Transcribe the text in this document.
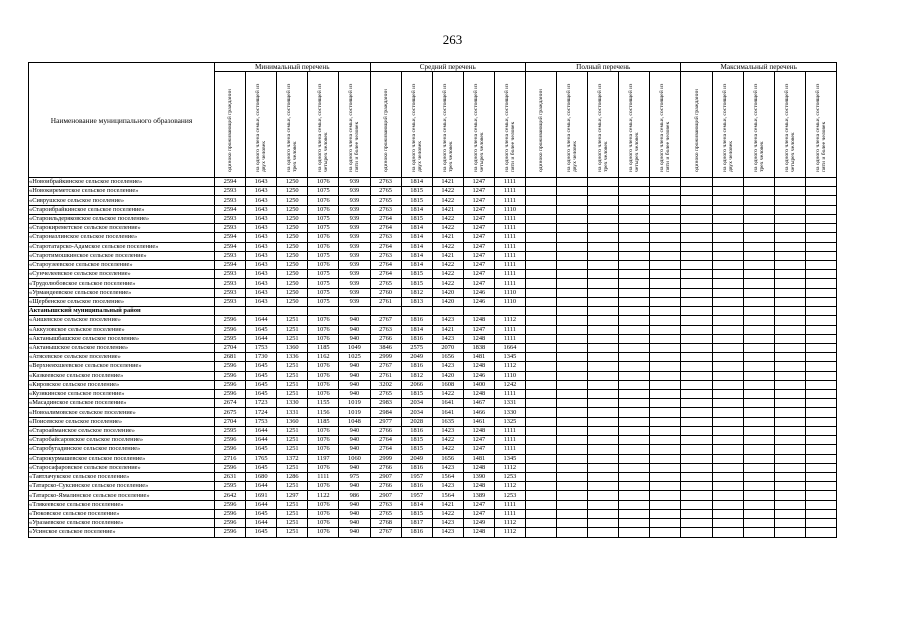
263
Наименование муниципального образования	Минимальный перечень					Средний перечень					Полный перечень					Максимальный перечень				
	одиноко проживающий гражданин	на одного члена семьи, состоящей из двух человек	на одного члена семьи, состоящей из трех человек	на одного члена семьи, состоящей из четырех человек	на одного члена семьи, состоящей из пяти и более человек	одиноко проживающий гражданин	на одного члена семьи, состоящей из двух человек	на одного члена семьи, состоящей из трех человек	на одного члена семьи, состоящей из четырех человек	на одного члена семьи, состоящей из пяти и более человек	одиноко проживающий гражданин	на одного члена семьи, состоящей из двух человек	на одного члена семьи, состоящей из трех человек	на одного члена семьи, состоящей из четырех человек	на одного члена семьи, состоящей из пяти и более человек	одиноко проживающий гражданин	на одного члена семьи, состоящей из двух человек	на одного члена семьи, состоящей из трех человек	на одного члена семьи, состоящей из четырех человек	на одного члена семьи, состоящей из пяти и более человек
«Новоибрайкинское сельское поселение»	2594	1643	1250	1076	939	2763	1814	1421	1247	1111										
«Новокиреметское сельское поселение»	2593	1643	1250	1075	939	2765	1815	1422	1247	1111										
«Сиврушское сельское поселение»	2593	1643	1250	1076	939	2765	1815	1422	1247	1111										
«Староибрайкинское сельское поселение»	2594	1643	1250	1076	939	2763	1814	1421	1247	1110										
«Староильдеряковское сельское поселение»	2593	1643	1250	1075	939	2764	1815	1422	1247	1111										
«Старокиреметское сельское поселение»	2593	1643	1250	1075	939	2764	1814	1422	1247	1111										
«Староназлинское сельское поселение»	2594	1643	1250	1076	939	2763	1814	1421	1247	1111										
«Старотатарско-Адамское сельское поселение»	2594	1643	1250	1076	939	2764	1814	1422	1247	1111										
«Старотимошкинское сельское поселение»	2593	1643	1250	1075	939	2763	1814	1421	1247	1111										
«Староузеевское сельское поселение»	2594	1643	1250	1076	939	2764	1814	1422	1247	1111										
«Сунчелеевское сельское поселение»	2593	1643	1250	1075	939	2764	1815	1422	1247	1111										
«Трудолюбовское сельское поселение»	2593	1643	1250	1075	939	2765	1815	1422	1247	1111										
«Урмандеевское сельское поселение»	2593	1643	1250	1075	939	2760	1812	1420	1246	1110										
«Щербенское сельское поселение»	2593	1643	1250	1075	939	2761	1813	1420	1246	1110										
Актанышский муниципальный район																				
«Аишевское сельское поселение»	2596	1644	1251	1076	940	2767	1816	1423	1248	1112										
«Аккузовское сельское поселение»	2596	1645	1251	1076	940	2763	1814	1421	1247	1111										
«Актанышбашское сельское поселение»	2595	1644	1251	1076	940	2766	1816	1423	1248	1111										
«Актанышское сельское поселение»	2704	1753	1360	1185	1049	3846	2575	2070	1838	1664										
«Атясевское сельское поселение»	2681	1730	1336	1162	1025	2999	2049	1656	1481	1345										
«Верхнеяхшеевское сельское поселение»	2596	1645	1251	1076	940	2767	1816	1423	1248	1112										
«Казкеевское сельское поселение»	2596	1645	1251	1076	940	2761	1812	1420	1246	1110										
«Кировское сельское поселение»	2596	1645	1251	1076	940	3202	2066	1608	1400	1242										
«Кузякинское сельское поселение»	2596	1645	1251	1076	940	2765	1815	1422	1248	1111										
«Масадинское сельское поселение»	2674	1723	1330	1155	1019	2983	2034	1641	1467	1331										
«Новоалимовское сельское поселение»	2675	1724	1331	1156	1019	2984	2034	1641	1466	1330										
«Поисевское сельское поселение»	2704	1753	1360	1185	1048	2977	2028	1635	1461	1325										
«Староайманское сельское поселение»	2595	1644	1251	1076	940	2766	1816	1423	1248	1111										
«Старобайсаровское сельское поселение»	2596	1644	1251	1076	940	2764	1815	1422	1247	1111										
«Старобугадинское сельское поселение»	2596	1645	1251	1076	940	2764	1815	1422	1247	1111										
«Старокурмашевское сельское поселение»	2716	1765	1372	1197	1060	2999	2049	1656	1481	1345										
«Старосафаровское сельское поселение»	2596	1645	1251	1076	940	2766	1816	1423	1248	1112										
«Тавтлачукское сельское поселение»	2631	1680	1286	1111	975	2907	1957	1564	1390	1253										
«Татарско-Суксинское сельское поселение»	2595	1644	1251	1076	940	2766	1816	1423	1248	1112										
«Татарско-Ямалинское сельское поселение»	2642	1691	1297	1122	986	2907	1957	1564	1389	1253										
«Тлякеевское сельское поселение»	2596	1644	1251	1076	940	2763	1814	1421	1247	1111										
«Тюковское сельское поселение»	2596	1645	1251	1076	940	2765	1815	1422	1247	1111										
«Уразаевское сельское поселение»	2596	1644	1251	1076	940	2768	1817	1423	1249	1112										
«Усинское сельское поселение»	2596	1645	1251	1076	940	2767	1816	1423	1248	1112										
